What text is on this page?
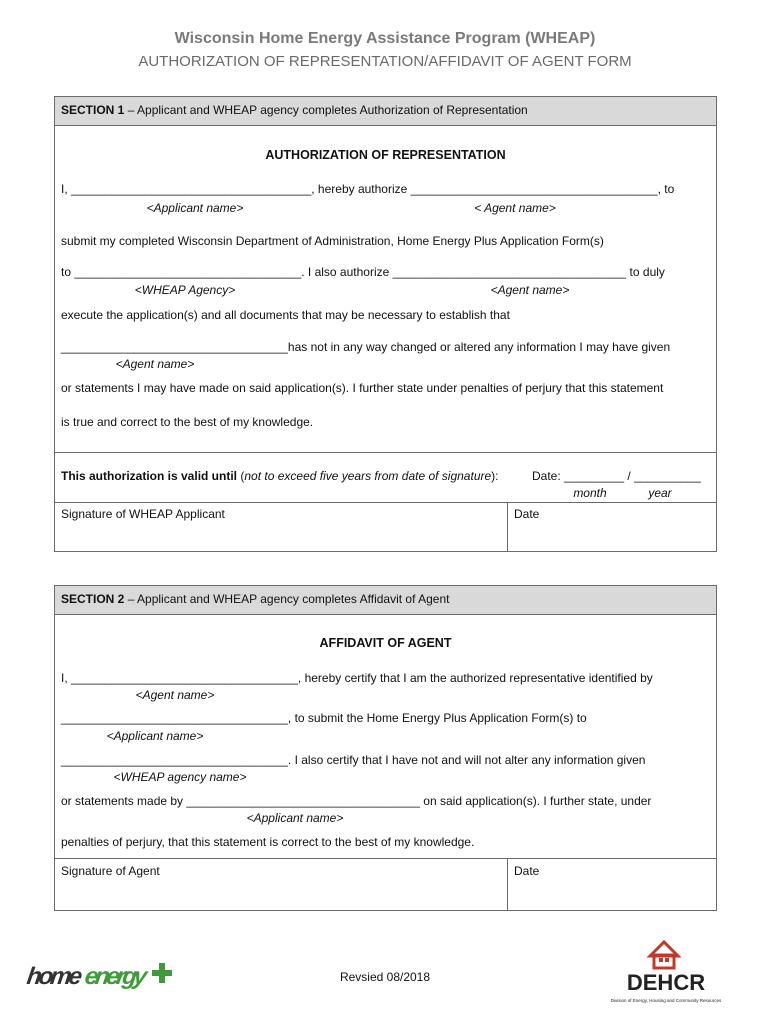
Wisconsin Home Energy Assistance Program (WHEAP)
AUTHORIZATION OF REPRESENTATION/AFFIDAVIT OF AGENT FORM
SECTION 1 – Applicant and WHEAP agency completes Authorization of Representation
AUTHORIZATION OF REPRESENTATION
I, ____________________________________, hereby authorize _____________________________________, to
<Applicant name>	< Agent name>
submit my completed Wisconsin Department of Administration, Home Energy Plus Application Form(s)
to __________________________________. I also authorize ___________________________________ to duly
<WHEAP Agency>	<Agent name>
execute the application(s) and all documents that may be necessary to establish that
__________________________________has not in any way changed or altered any information I may have given
<Agent name>
or statements I may have made on said application(s). I further state under penalties of perjury that this statement
is true and correct to the best of my knowledge.
This authorization is valid until (not to exceed five years from date of signature):	Date: _________ / __________
month	year
Signature of WHEAP Applicant	Date
SECTION 2 – Applicant and WHEAP agency completes Affidavit of Agent
AFFIDAVIT OF AGENT
I, __________________________________, hereby certify that I am the authorized representative identified by
<Agent name>
__________________________________, to submit the Home Energy Plus Application Form(s) to
<Applicant name>
__________________________________. I also certify that I have not and will not alter any information given
<WHEAP agency name>
or statements made by ___________________________________ on said application(s). I further state, under
<Applicant name>
penalties of perjury, that this statement is correct to the best of my knowledge.
Signature of Agent	Date
home energy	Revsied 08/2018	DEHCR
Division of Energy, Housing and Community Resources
